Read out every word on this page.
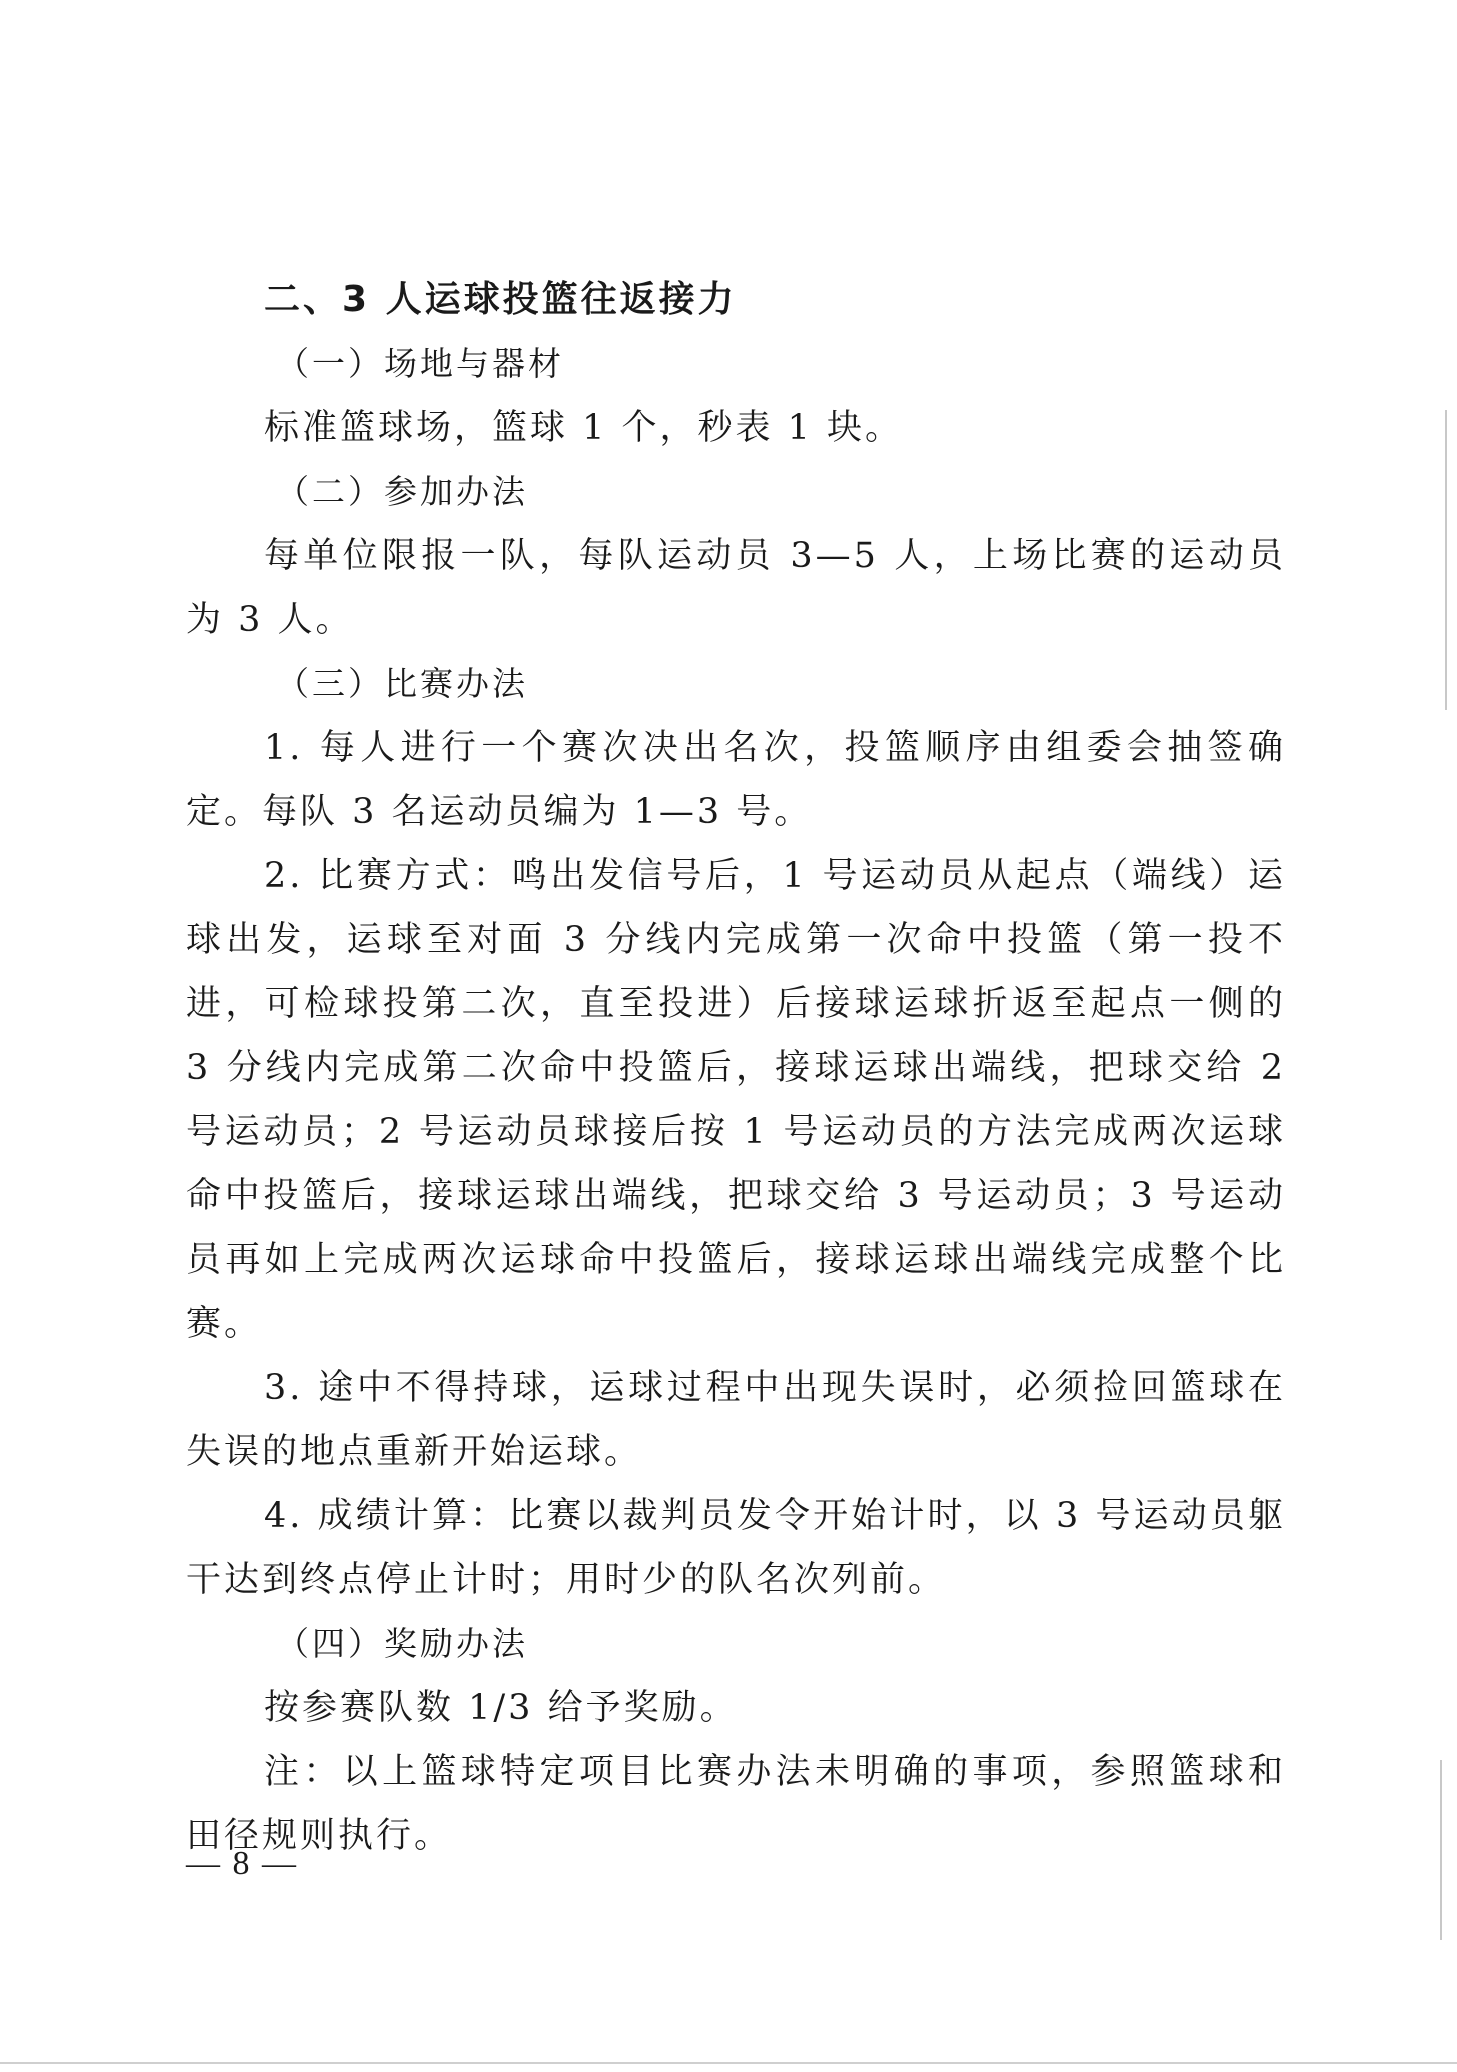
二、3 人运球投篮往返接力

（一）场地与器材

标准篮球场，篮球 1 个，秒表 1 块。

（二）参加办法

每单位限报一队，每队运动员 3—5 人，上场比赛的运动员为 3 人。

（三）比赛办法

1. 每人进行一个赛次决出名次，投篮顺序由组委会抽签确定。每队 3 名运动员编为 1—3 号。

2. 比赛方式：鸣出发信号后，1 号运动员从起点（端线）运球出发，运球至对面 3 分线内完成第一次命中投篮（第一投不进，可检球投第二次，直至投进）后接球运球折返至起点一侧的 3 分线内完成第二次命中投篮后，接球运球出端线，把球交给 2 号运动员；2 号运动员球接后按 1 号运动员的方法完成两次运球命中投篮后，接球运球出端线，把球交给 3 号运动员；3 号运动员再如上完成两次运球命中投篮后，接球运球出端线完成整个比赛。

3. 途中不得持球，运球过程中出现失误时，必须捡回篮球在失误的地点重新开始运球。

4. 成绩计算：比赛以裁判员发令开始计时，以 3 号运动员躯干达到终点停止计时；用时少的队名次列前。

（四）奖励办法

按参赛队数 1/3 给予奖励。

注：以上篮球特定项目比赛办法未明确的事项，参照篮球和田径规则执行。

— 8 —
